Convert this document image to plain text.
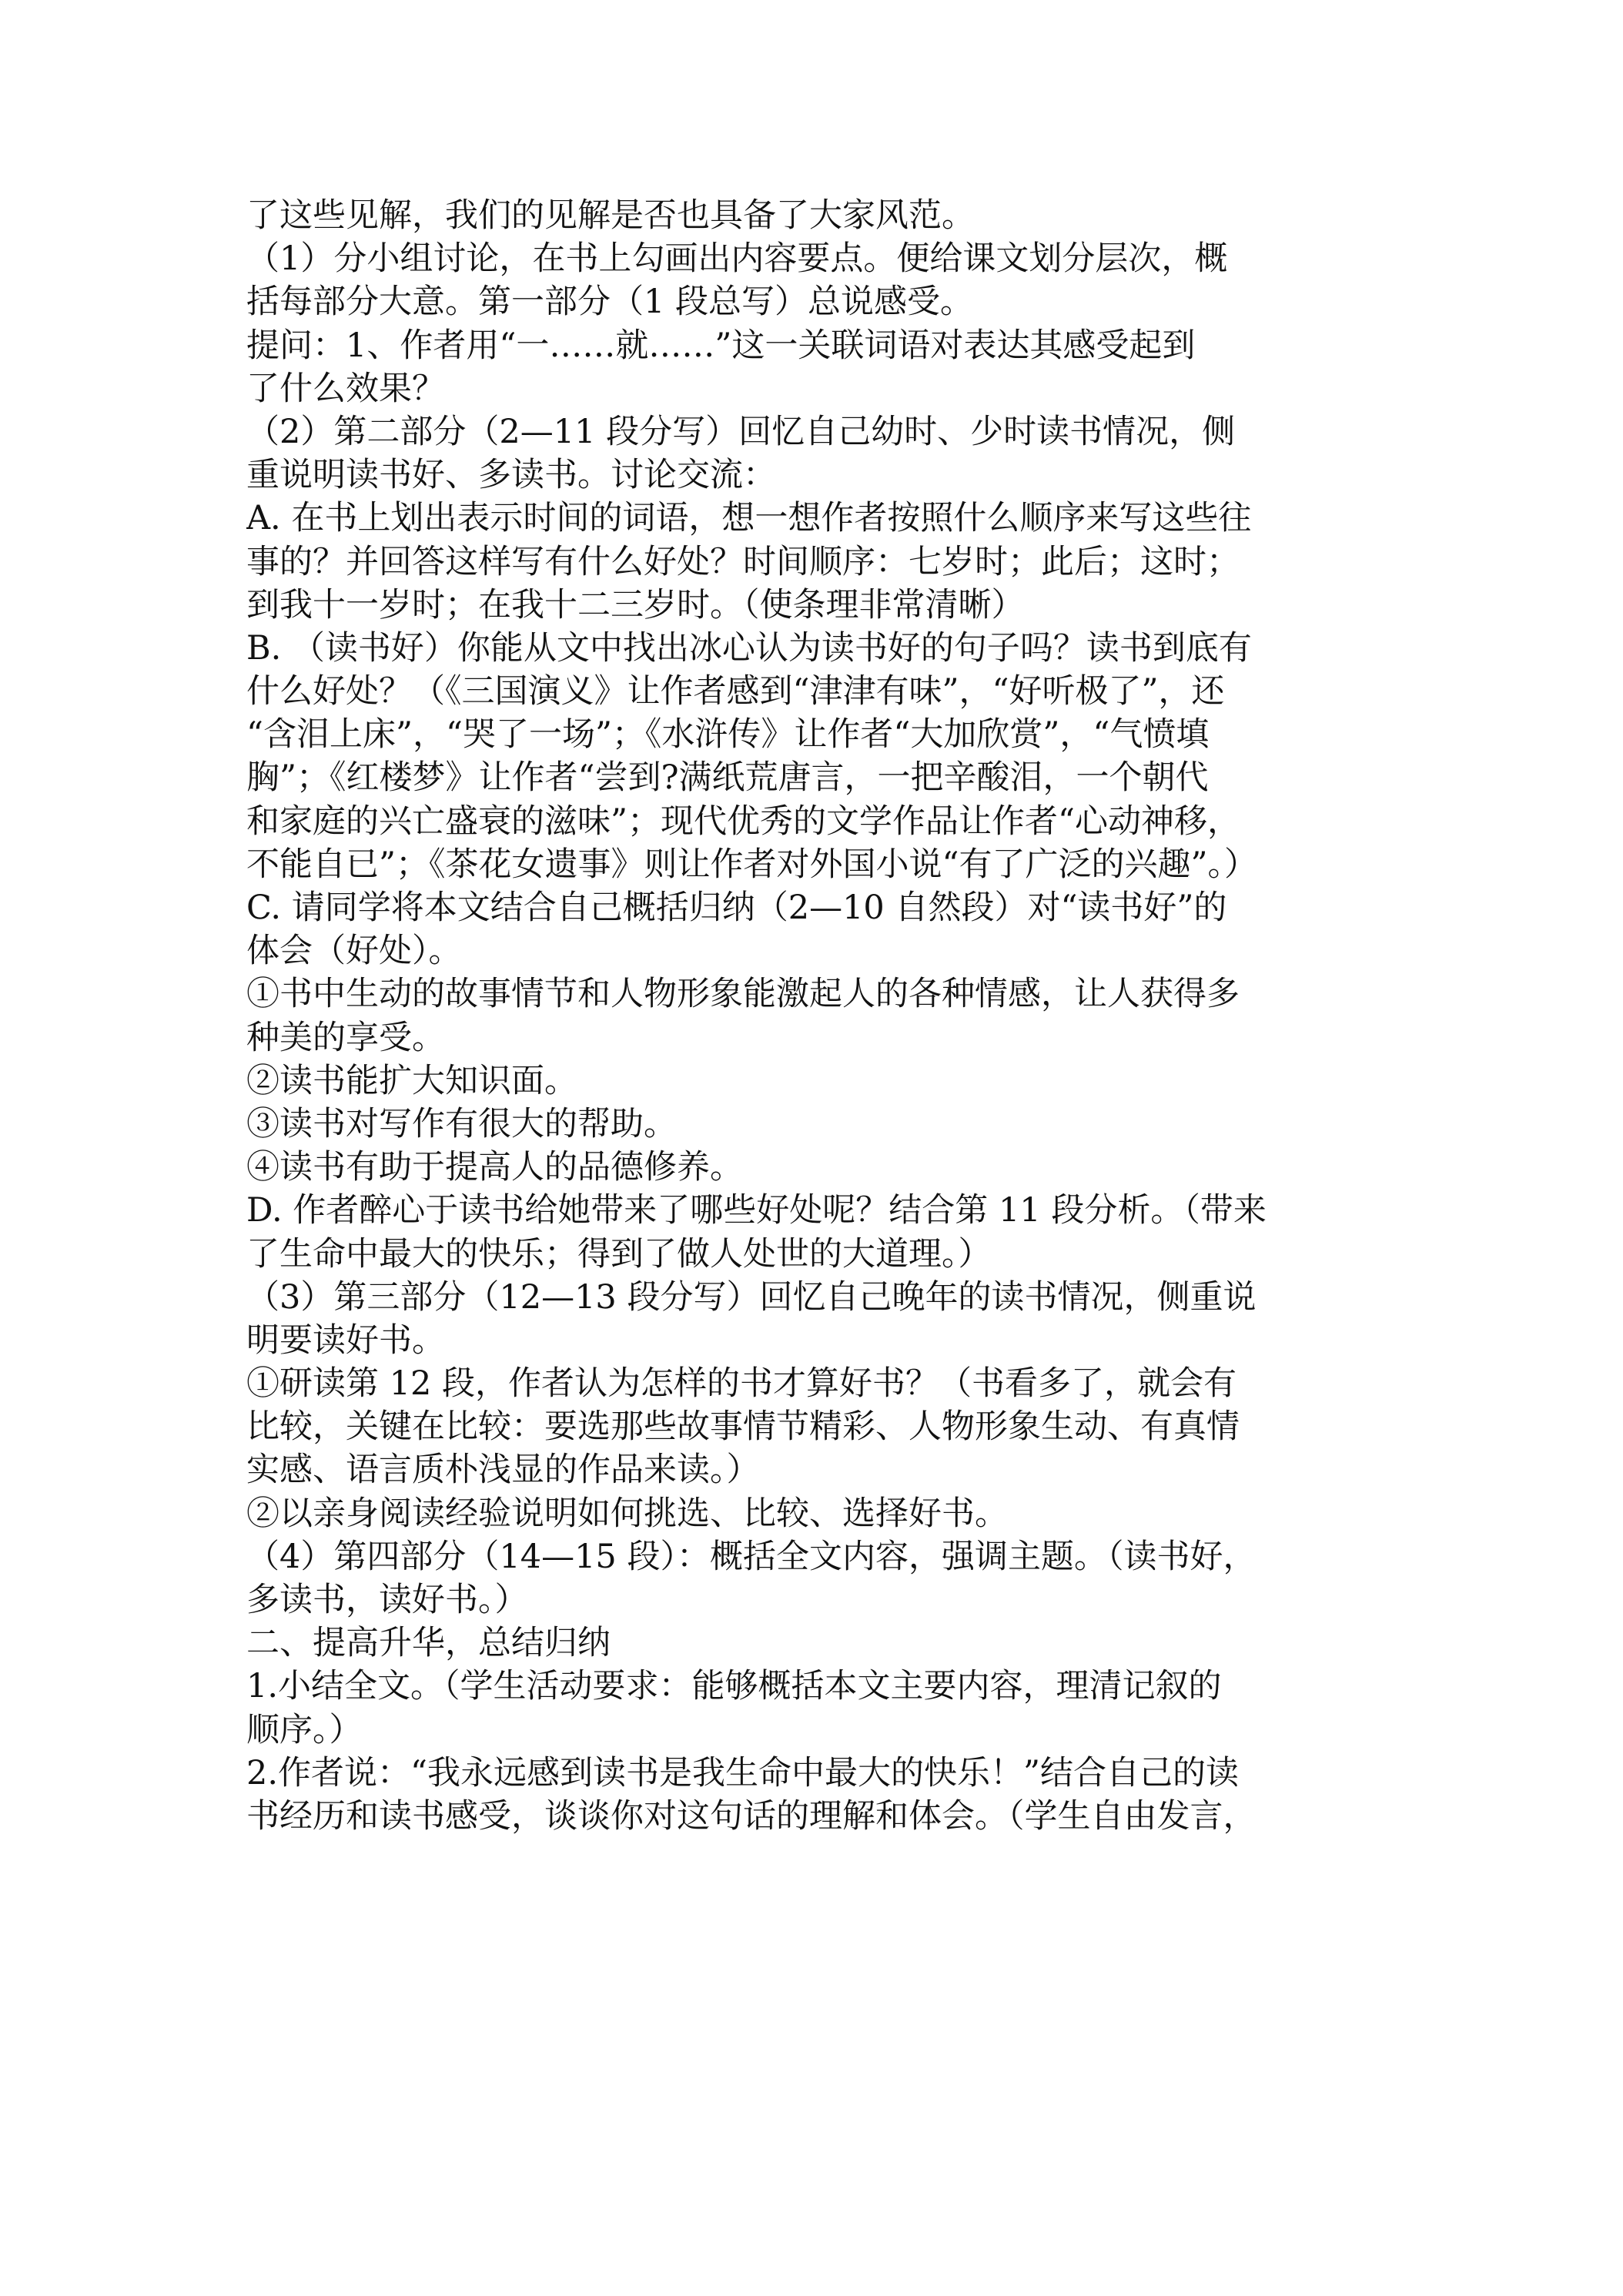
了这些见解，我们的见解是否也具备了大家风范。
（1）分小组讨论，在书上勾画出内容要点。便给课文划分层次，概
括每部分大意。第一部分（1 段总写）总说感受。
提问：1、作者用“一……就……”这一关联词语对表达其感受起到
了什么效果？
（2）第二部分（2—11 段分写）回忆自己幼时、少时读书情况，侧
重说明读书好、多读书。讨论交流：
A. 在书上划出表示时间的词语，想一想作者按照什么顺序来写这些往
事的？并回答这样写有什么好处？时间顺序：七岁时；此后；这时；
到我十一岁时；在我十二三岁时。（使条理非常清晰）
B. （读书好）你能从文中找出冰心认为读书好的句子吗？读书到底有
什么好处？（《三国演义》让作者感到“津津有味”，“好听极了”，还
“含泪上床”，“哭了一场”；《水浒传》让作者“大加欣赏”，“气愤填
胸”；《红楼梦》让作者“尝到?满纸荒唐言，一把辛酸泪，一个朝代
和家庭的兴亡盛衰的滋味”；现代优秀的文学作品让作者“心动神移，
不能自已”；《茶花女遗事》则让作者对外国小说“有了广泛的兴趣”。）
C. 请同学将本文结合自己概括归纳（2—10 自然段）对“读书好”的
体会（好处）。
①书中生动的故事情节和人物形象能激起人的各种情感，让人获得多
种美的享受。
②读书能扩大知识面。
③读书对写作有很大的帮助。
④读书有助于提高人的品德修养。
D. 作者醉心于读书给她带来了哪些好处呢？结合第 11 段分析。（带来
了生命中最大的快乐；得到了做人处世的大道理。）
（3）第三部分（12—13 段分写）回忆自己晚年的读书情况，侧重说
明要读好书。
①研读第 12 段，作者认为怎样的书才算好书？（书看多了，就会有
比较，关键在比较：要选那些故事情节精彩、人物形象生动、有真情
实感、语言质朴浅显的作品来读。）
②以亲身阅读经验说明如何挑选、比较、选择好书。
（4）第四部分（14—15 段）：概括全文内容，强调主题。（读书好，
多读书，读好书。）
二、提高升华，总结归纳
1.小结全文。（学生活动要求：能够概括本文主要内容，理清记叙的
顺序。）
2.作者说：“我永远感到读书是我生命中最大的快乐！”结合自己的读
书经历和读书感受，谈谈你对这句话的理解和体会。（学生自由发言，
